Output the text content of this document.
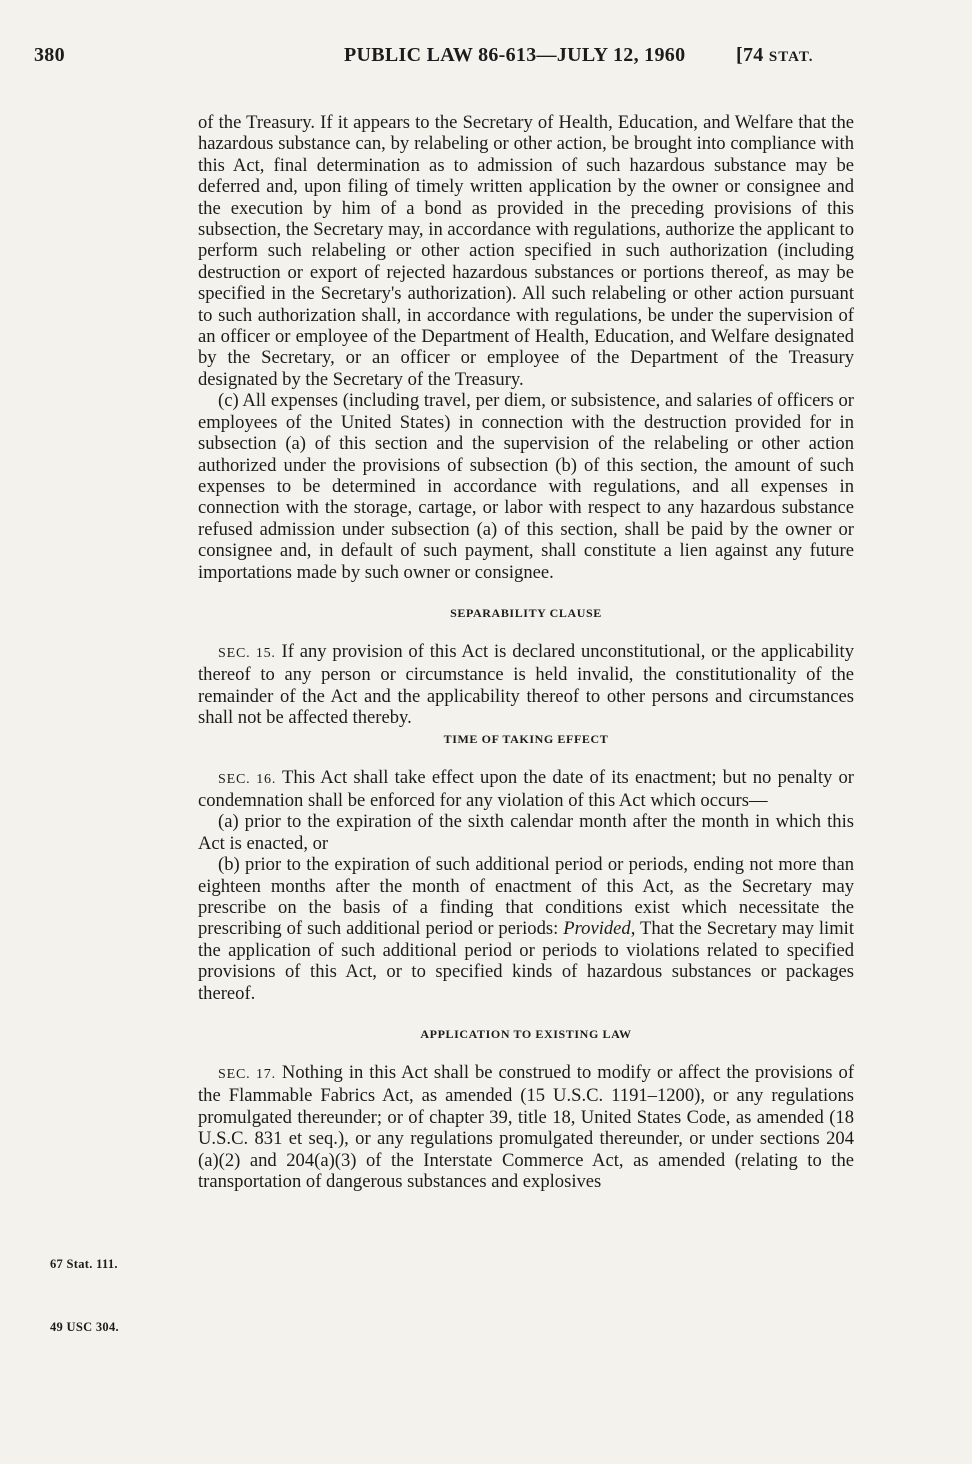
380	PUBLIC LAW 86-613—JULY 12, 1960	[74 STAT.

of the Treasury. If it appears to the Secretary of Health, Education, and Welfare that the hazardous substance can, by relabeling or other action, be brought into compliance with this Act, final determination as to admission of such hazardous substance may be deferred and, upon filing of timely written application by the owner or consignee and the execution by him of a bond as provided in the preceding provisions of this subsection, the Secretary may, in accordance with regulations, authorize the applicant to perform such relabeling or other action specified in such authorization (including destruction or export of rejected hazardous substances or portions thereof, as may be specified in the Secretary's authorization). All such relabeling or other action pursuant to such authorization shall, in accordance with regulations, be under the supervision of an officer or employee of the Department of Health, Education, and Welfare designated by the Secretary, or an officer or employee of the Department of the Treasury designated by the Secretary of the Treasury.

(c) All expenses (including travel, per diem, or subsistence, and salaries of officers or employees of the United States) in connection with the destruction provided for in subsection (a) of this section and the supervision of the relabeling or other action authorized under the provisions of subsection (b) of this section, the amount of such expenses to be determined in accordance with regulations, and all expenses in connection with the storage, cartage, or labor with respect to any hazardous substance refused admission under subsection (a) of this section, shall be paid by the owner or consignee and, in default of such payment, shall constitute a lien against any future importations made by such owner or consignee.

SEPARABILITY CLAUSE

SEC. 15. If any provision of this Act is declared unconstitutional, or the applicability thereof to any person or circumstance is held invalid, the constitutionality of the remainder of the Act and the applicability thereof to other persons and circumstances shall not be affected thereby.

TIME OF TAKING EFFECT

SEC. 16. This Act shall take effect upon the date of its enactment; but no penalty or condemnation shall be enforced for any violation of this Act which occurs—

(a) prior to the expiration of the sixth calendar month after the month in which this Act is enacted, or

(b) prior to the expiration of such additional period or periods, ending not more than eighteen months after the month of enactment of this Act, as the Secretary may prescribe on the basis of a finding that conditions exist which necessitate the prescribing of such additional period or periods: Provided, That the Secretary may limit the application of such additional period or periods to violations related to specified provisions of this Act, or to specified kinds of hazardous substances or packages thereof.

APPLICATION TO EXISTING LAW

SEC. 17. Nothing in this Act shall be construed to modify or affect the provisions of the Flammable Fabrics Act, as amended (15 U.S.C. 1191–1200), or any regulations promulgated thereunder; or of chapter 39, title 18, United States Code, as amended (18 U.S.C. 831 et seq.), or any regulations promulgated thereunder, or under sections 204 (a)(2) and 204(a)(3) of the Interstate Commerce Act, as amended (relating to the transportation of dangerous substances and explosives

67 Stat. 111.
49 USC 304.
